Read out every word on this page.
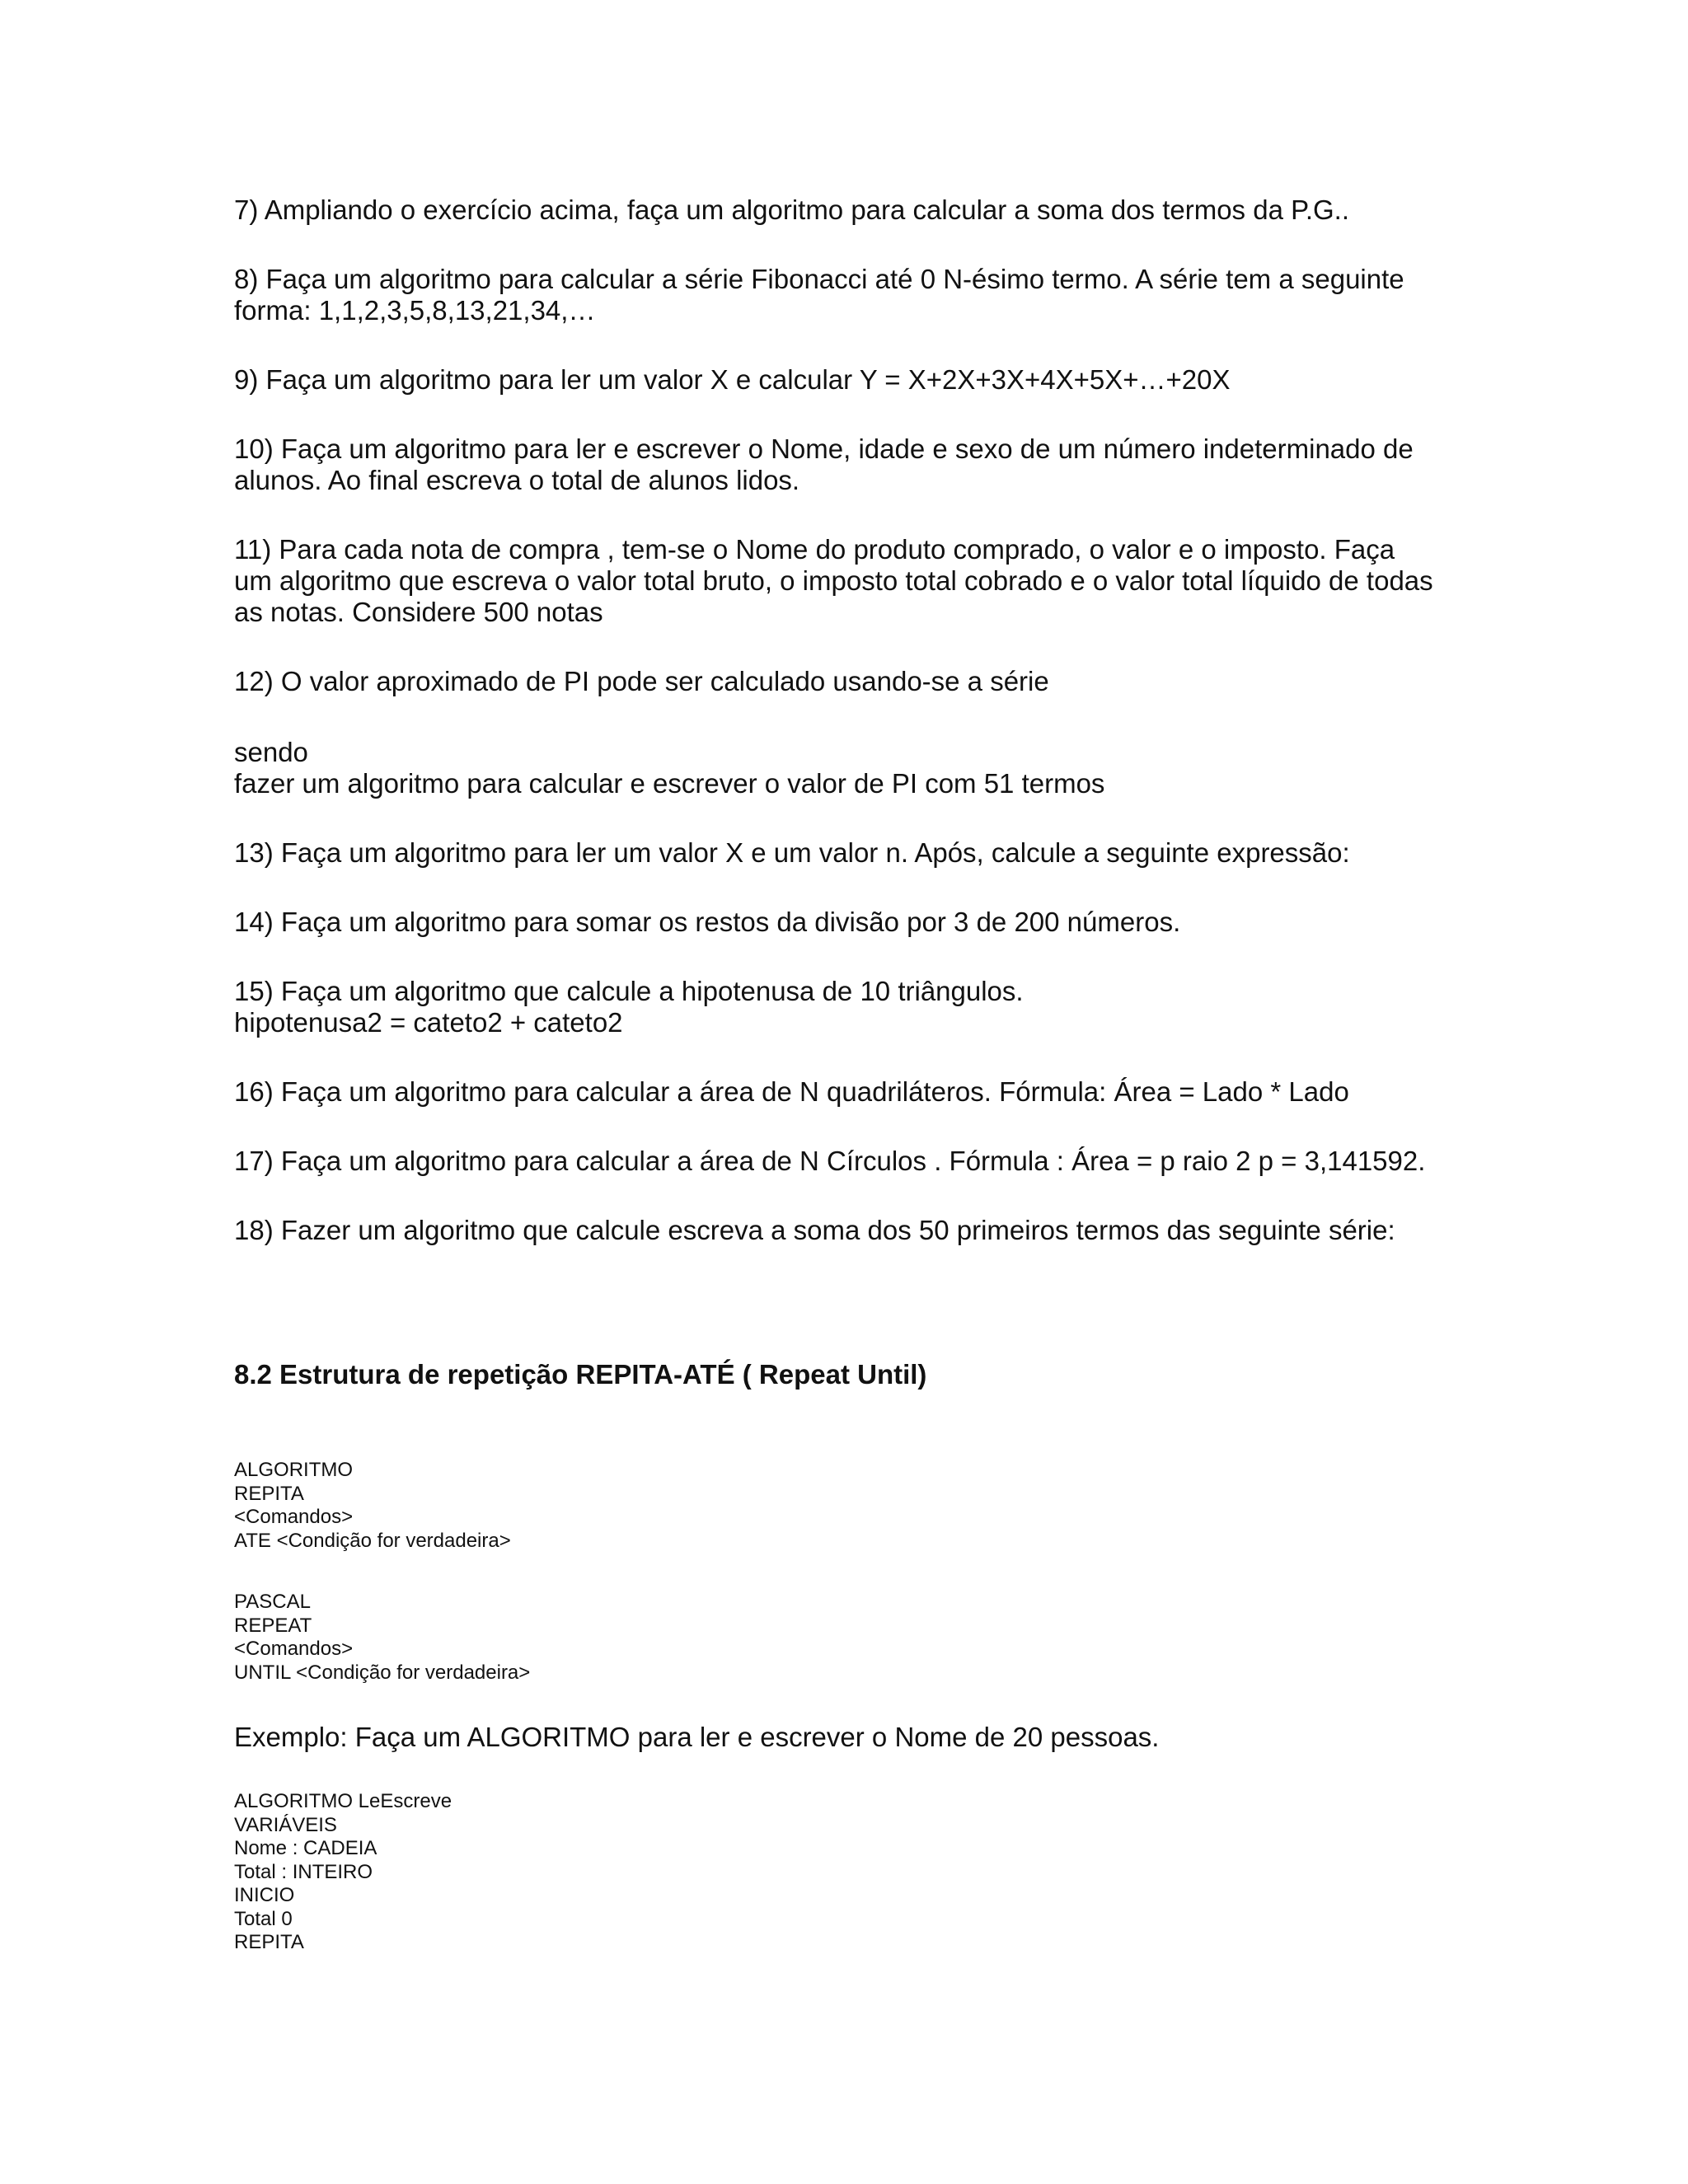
7) Ampliando o exercício acima, faça um algoritmo para calcular a soma dos termos da P.G..

8) Faça um algoritmo para calcular a série Fibonacci até 0 N-ésimo termo. A série tem a seguinte
forma: 1,1,2,3,5,8,13,21,34,…

9) Faça um algoritmo para ler um valor X e calcular Y = X+2X+3X+4X+5X+…+20X

10) Faça um algoritmo para ler e escrever o Nome, idade e sexo de um número indeterminado de
alunos. Ao final escreva o total de alunos lidos.

11) Para cada nota de compra , tem-se o Nome do produto comprado, o valor e o imposto. Faça
um algoritmo que escreva o valor total bruto, o imposto total cobrado e o valor total líquido de todas
as notas. Considere 500 notas

12) O valor aproximado de PI pode ser calculado usando-se a série

sendo
fazer um algoritmo para calcular e escrever o valor de PI com 51 termos

13) Faça um algoritmo para ler um valor X e um valor n. Após, calcule a seguinte expressão:

14) Faça um algoritmo para somar os restos da divisão por 3 de 200 números.

15) Faça um algoritmo que calcule a hipotenusa de 10 triângulos.
hipotenusa2 = cateto2 + cateto2

16) Faça um algoritmo para calcular a área de N quadriláteros. Fórmula: Área = Lado * Lado

17) Faça um algoritmo para calcular a área de N Círculos . Fórmula : Área = p raio 2 p = 3,141592.

18) Fazer um algoritmo que calcule escreva a soma dos 50 primeiros termos das seguinte série:

8.2 Estrutura de repetição REPITA-ATÉ ( Repeat Until)

ALGORITMO

REPITA

<Comandos>

ATE <Condição for verdadeira>

PASCAL

REPEAT

<Comandos>

UNTIL <Condição for verdadeira>

Exemplo: Faça um ALGORITMO para ler e escrever o Nome de 20 pessoas.

ALGORITMO LeEscreve

VARIÁVEIS

Nome : CADEIA

Total : INTEIRO

INICIO

Total 0

REPITA
